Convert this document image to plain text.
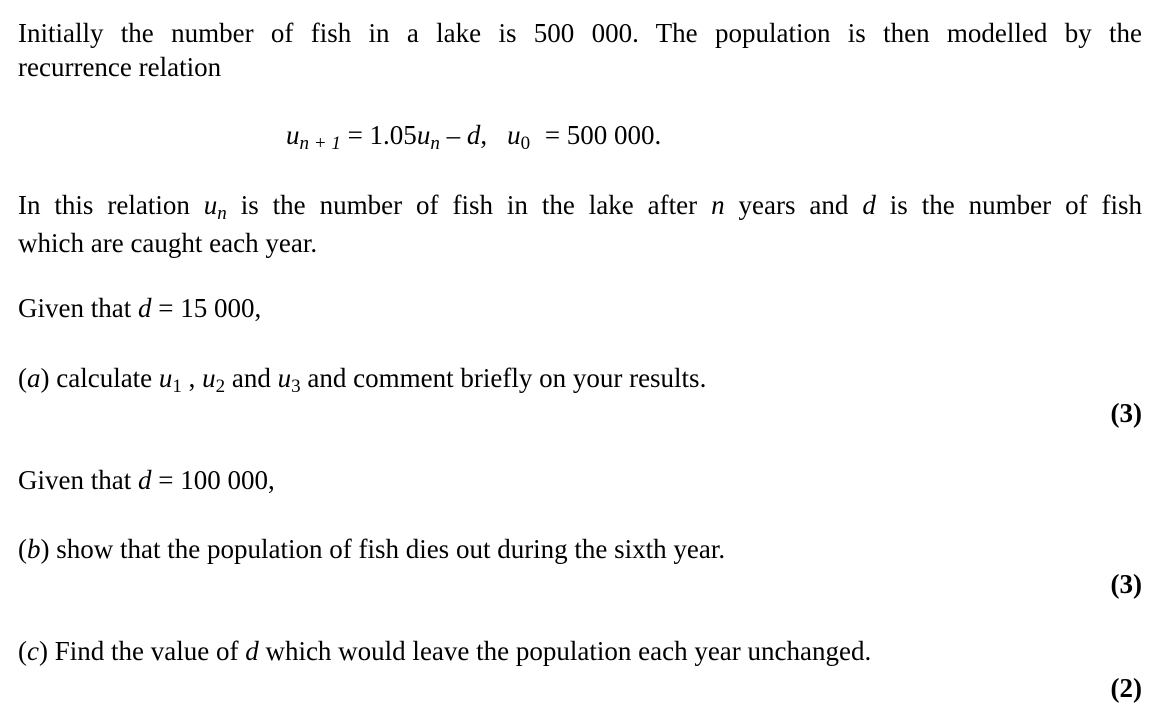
Initially the number of fish in a lake is 500 000. The population is then modelled by the
recurrence relation
un + 1 = 1.05un – d, u0 = 500 000.
In this relation un is the number of fish in the lake after n years and d is the number of fish
which are caught each year.
Given that d = 15 000,
(a) calculate u1 , u2 and u3 and comment briefly on your results.
(3)
Given that d = 100 000,
(b) show that the population of fish dies out during the sixth year.
(3)
(c) Find the value of d which would leave the population each year unchanged.
(2)
